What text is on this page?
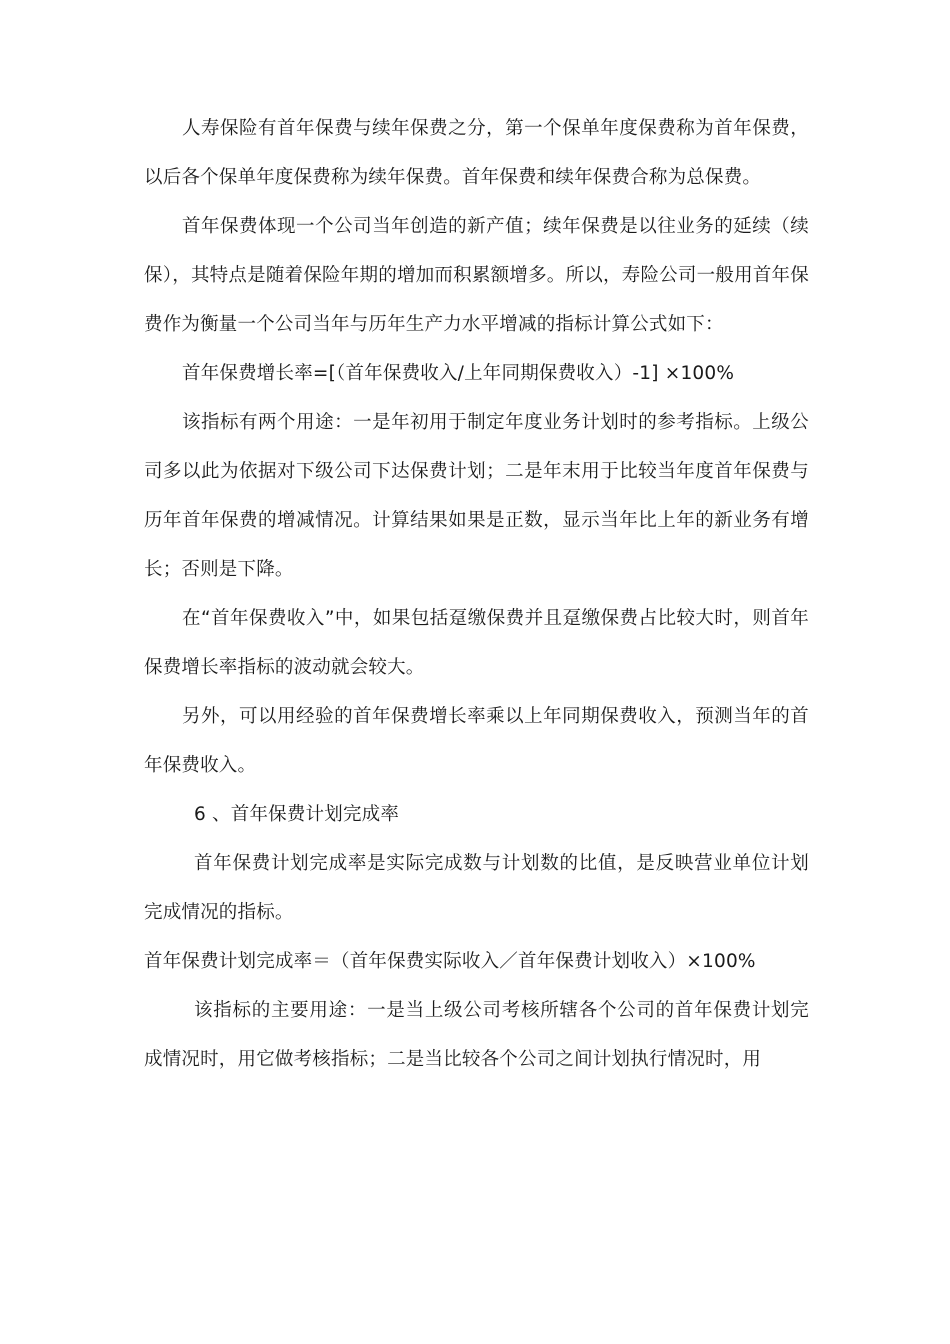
人寿保险有首年保费与续年保费之分，第一个保单年度保费称为首年保费，以后各个保单年度保费称为续年保费。首年保费和续年保费合称为总保费。

首年保费体现一个公司当年创造的新产值；续年保费是以往业务的延续（续保），其特点是随着保险年期的增加而积累额增多。所以，寿险公司一般用首年保费作为衡量一个公司当年与历年生产力水平增减的指标计算公式如下：

首年保费增长率=[（首年保费收入/上年同期保费收入）-1] ×100%

该指标有两个用途：一是年初用于制定年度业务计划时的参考指标。上级公司多以此为依据对下级公司下达保费计划；二是年末用于比较当年度首年保费与历年首年保费的增减情况。计算结果如果是正数，显示当年比上年的新业务有增长；否则是下降。

在“首年保费收入”中，如果包括趸缴保费并且趸缴保费占比较大时，则首年保费增长率指标的波动就会较大。

另外，可以用经验的首年保费增长率乘以上年同期保费收入，预测当年的首年保费收入。

6 、首年保费计划完成率

首年保费计划完成率是实际完成数与计划数的比值，是反映营业单位计划完成情况的指标。

首年保费计划完成率＝（首年保费实际收入／首年保费计划收入）×100%

该指标的主要用途：一是当上级公司考核所辖各个公司的首年保费计划完成情况时，用它做考核指标；二是当比较各个公司之间计划执行情况时，用
